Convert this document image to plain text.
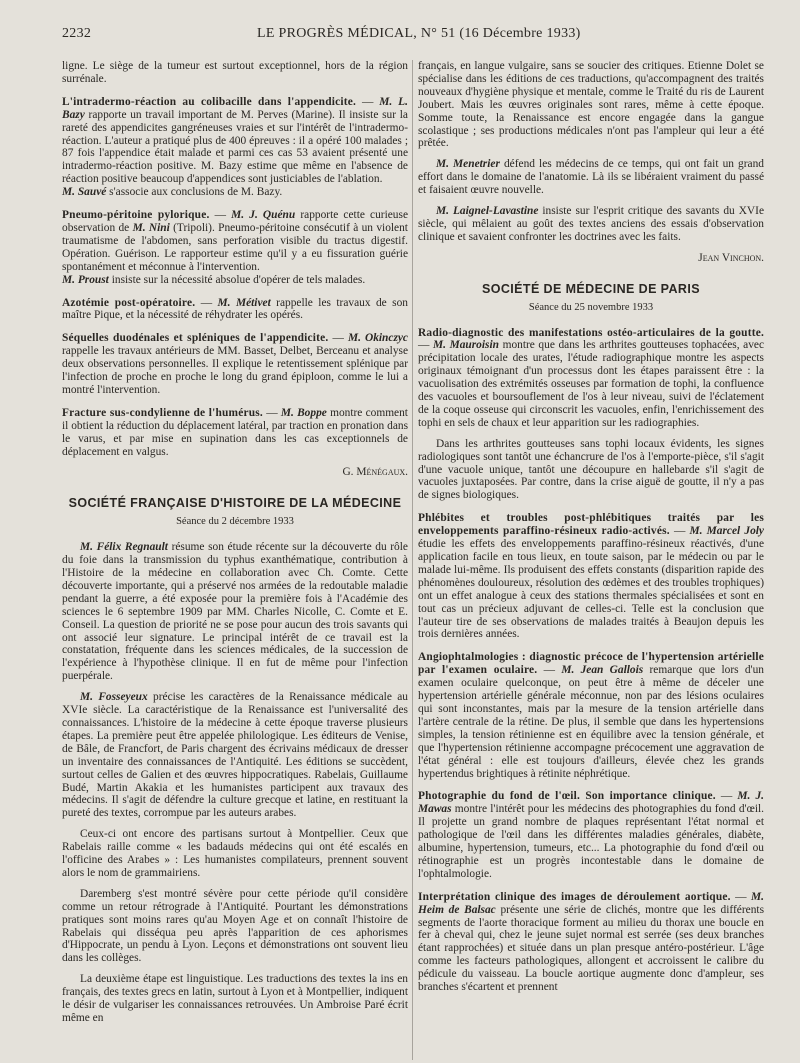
2232	LE PROGRÈS MÉDICAL, N° 51 (16 Décembre 1933)

ligne. Le siège de la tumeur est surtout exceptionnel, hors de la région surrénale.

L'intradermo-réaction au colibacille dans l'appendicite. — M. L. Bazy rapporte un travail important de M. Perves (Marine). Il insiste sur la rareté des appendicites gangréneuses vraies et sur l'intérêt de l'intradermo-réaction. L'auteur a pratiqué plus de 400 épreuves : il a opéré 100 malades ; 87 fois l'appendice était malade et parmi ces cas 53 avaient présenté une intradermo-réaction positive. M. Bazy estime que même en l'absence de réaction positive beaucoup d'appendices sont justiciables de l'ablation.
M. Sauvé s'associe aux conclusions de M. Bazy.

Pneumo-péritoine pylorique. — M. J. Quénu rapporte cette curieuse observation de M. Nini (Tripoli). Pneumo-péritoine consécutif à un violent traumatisme de l'abdomen, sans perforation visible du tractus digestif. Opération. Guérison. Le rapporteur estime qu'il y a eu fissuration guérie spontanément et méconnue à l'intervention.
M. Proust insiste sur la nécessité absolue d'opérer de tels malades.

Azotémie post-opératoire. — M. Métivet rappelle les travaux de son maître Pique, et la nécessité de réhydrater les opérés.

Séquelles duodénales et spléniques de l'appendicite. — M. Okinczyc rappelle les travaux antérieurs de MM. Basset, Delbet, Berceanu et analyse deux observations personnelles. Il explique le retentissement splénique par l'infection de proche en proche le long du grand épiploon, comme le lui a montré l'intervention.

Fracture sus-condylienne de l'humérus. — M. Boppe montre comment il obtient la réduction du déplacement latéral, par traction en pronation dans le varus, et par mise en supination dans les cas exceptionnels de déplacement en valgus.

G. Ménégaux.
SOCIÉTÉ FRANÇAISE D'HISTOIRE DE LA MÉDECINE
Séance du 2 décembre 1933

M. Félix Regnault résume son étude récente sur la découverte du rôle du foie dans la transmission du typhus exanthématique, contribution à l'Histoire de la médecine en collaboration avec Ch. Comte. Cette découverte importante, qui a préservé nos armées de la redoutable maladie pendant la guerre, a été exposée pour la première fois à l'Académie des sciences le 6 septembre 1909 par MM. Charles Nicolle, C. Comte et E. Conseil. La question de priorité ne se pose pour aucun des trois savants qui ont associé leur signature. Le principal intérêt de ce travail est la constatation, fréquente dans les sciences médicales, de la succession de l'expérience à l'hypothèse clinique. Il en fut de même pour l'infection puerpérale.

M. Fosseyeux précise les caractères de la Renaissance médicale au XVIe siècle. La caractéristique de la Renaissance est l'universalité des connaissances. L'histoire de la médecine à cette époque traverse plusieurs étapes. La première peut être appelée philologique. Les éditeurs de Venise, de Bâle, de Francfort, de Paris chargent des écrivains médicaux de dresser un inventaire des connaissances de l'Antiquité. Les éditions se succèdent, surtout celles de Galien et des œuvres hippocratiques. Rabelais, Guillaume Budé, Martin Akakia et les humanistes participent aux travaux des médecins. Il s'agit de défendre la culture grecque et latine, en restituant la pureté des textes, corrompue par les auteurs arabes.

Ceux-ci ont encore des partisans surtout à Montpellier. Ceux que Rabelais raille comme « les badauds médecins qui ont été escalés en l'officine des Arabes » : Les humanistes compilateurs, prennent souvent alors le nom de grammairiens.

Daremberg s'est montré sévère pour cette période qu'il considère comme un retour rétrograde à l'Antiquité. Pourtant les démonstrations pratiques sont moins rares qu'au Moyen Age et on connaît l'histoire de Rabelais qui disséqua peu après l'apparition de ces aphorismes d'Hippocrate, un pendu à Lyon. Leçons et démonstrations ont souvent lieu dans les collèges.

La deuxième étape est linguistique. Les traductions des textes la ins en français, des textes grecs en latin, surtout à Lyon et à Montpellier, indiquent le désir de vulgariser les connaissances retrouvées. Un Ambroise Paré écrit même en

français, en langue vulgaire, sans se soucier des critiques. Etienne Dolet se spécialise dans les éditions de ces traductions, qu'accompagnent des traités nouveaux d'hygiène physique et mentale, comme le Traité du ris de Laurent Joubert. Mais les œuvres originales sont rares, même à cette époque. Somme toute, la Renaissance est encore engagée dans la gangue scolastique ; ses productions médicales n'ont pas l'ampleur qui leur a été prêtée.

M. Menetrier défend les médecins de ce temps, qui ont fait un grand effort dans le domaine de l'anatomie. Là ils se libéraient vraiment du passé et faisaient œuvre nouvelle.

M. Laignel-Lavastine insiste sur l'esprit critique des savants du XVIe siècle, qui mêlaient au goût des textes anciens des essais d'observation clinique et savaient confronter les doctrines avec les faits.

Jean Vinchon.
SOCIÉTÉ DE MÉDECINE DE PARIS
Séance du 25 novembre 1933

Radio-diagnostic des manifestations ostéo-articulaires de la goutte. — M. Mauroisin montre que dans les arthrites goutteuses tophacées, avec précipitation locale des urates, l'étude radiographique montre les aspects originaux témoignant d'un processus dont les étapes paraissent être : la vacuolisation des extrémités osseuses par formation de tophi, la confluence des vacuoles et boursouflement de l'os à leur niveau, suivi de l'éclatement de la coque osseuse qui circonscrit les vacuoles, enfin, l'enrichissement des tophi en sels de chaux et leur apparition sur les radiographies.

Dans les arthrites goutteuses sans tophi locaux évidents, les signes radiologiques sont tantôt une échancrure de l'os à l'emporte-pièce, s'il s'agit d'une vacuole unique, tantôt une découpure en hallebarde s'il s'agit de vacuoles juxtaposées. Par contre, dans la crise aiguë de goutte, il n'y a pas de signes biologiques.

Phlébites et troubles post-phlébitiques traités par les enveloppements paraffino-résineux radio-activés. — M. Marcel Joly étudie les effets des enveloppements paraffino-résineux réactivés, d'une application facile en tous lieux, en toute saison, par le médecin ou par le malade lui-même. Ils produisent des effets constants (disparition rapide des phénomènes douloureux, résolution des œdèmes et des troubles trophiques) ont un effet analogue à ceux des stations thermales spécialisées et sont en tout cas un précieux adjuvant de celles-ci. Telle est la conclusion que l'auteur tire de ses observations de malades traités à Beaujon depuis les trois dernières années.

Angiophtalmologies : diagnostic précoce de l'hypertension artérielle par l'examen oculaire. — M. Jean Gallois remarque que lors d'un examen oculaire quelconque, on peut être à même de déceler une hypertension artérielle générale méconnue, non par des lésions oculaires qui sont inconstantes, mais par la mesure de la tension artérielle dans l'artère centrale de la rétine. De plus, il semble que dans les hypertensions simples, la tension rétinienne est en équilibre avec la tension générale, et que l'hypertension rétinienne accompagne précocement une aggravation de l'état général : elle est toujours d'ailleurs, élevée chez les grands hypertendus brightiques à rétinite néphrétique.

Photographie du fond de l'œil. Son importance clinique. — M. J. Mawas montre l'intérêt pour les médecins des photographies du fond d'œil. Il projette un grand nombre de plaques représentant l'état normal et pathologique de l'œil dans les différentes maladies générales, diabète, albumine, hypertension, tumeurs, etc... La photographie du fond d'œil ou rétinographie est un progrès incontestable dans le domaine de l'ophtalmologie.

Interprétation clinique des images de déroulement aortique. — M. Heim de Balsac présente une série de clichés, montre que les différents segments de l'aorte thoracique forment au milieu du thorax une boucle en fer à cheval qui, chez le jeune sujet normal est serrée (ses deux branches étant rapprochées) et située dans un plan presque antéro-postérieur. L'âge comme les facteurs pathologiques, allongent et accroissent le calibre du pédicule du vaisseau. La boucle aortique augmente donc d'ampleur, ses branches s'écartent et prennent
